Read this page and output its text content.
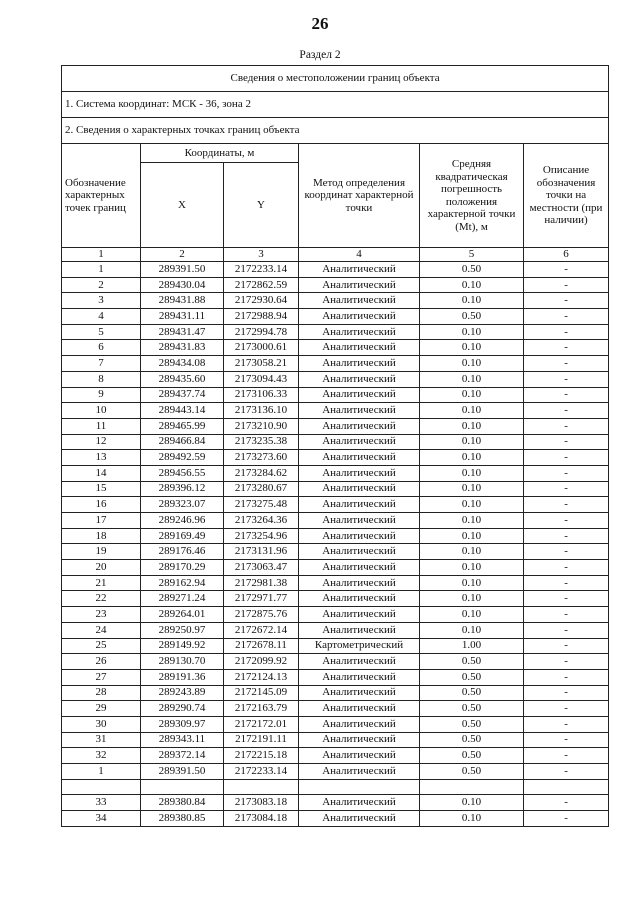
26
Раздел 2
Сведения о местоположении границ объекта					
1. Система координат: МСК - 36, зона 2					
2. Сведения о характерных точках границ объекта					
Обозначение характерных точек границ	Координаты, м		Метод определения координат характерной точки	Средняя квадратическая погрешность положения характерной точки (Mt), м	Описание обозначения точки на местности (при наличии)
	X	Y			
1	2	3	4	5	6
1	289391.50	2172233.14	Аналитический	0.50	-
2	289430.04	2172862.59	Аналитический	0.10	-
3	289431.88	2172930.64	Аналитический	0.10	-
4	289431.11	2172988.94	Аналитический	0.50	-
5	289431.47	2172994.78	Аналитический	0.10	-
6	289431.83	2173000.61	Аналитический	0.10	-
7	289434.08	2173058.21	Аналитический	0.10	-
8	289435.60	2173094.43	Аналитический	0.10	-
9	289437.74	2173106.33	Аналитический	0.10	-
10	289443.14	2173136.10	Аналитический	0.10	-
11	289465.99	2173210.90	Аналитический	0.10	-
12	289466.84	2173235.38	Аналитический	0.10	-
13	289492.59	2173273.60	Аналитический	0.10	-
14	289456.55	2173284.62	Аналитический	0.10	-
15	289396.12	2173280.67	Аналитический	0.10	-
16	289323.07	2173275.48	Аналитический	0.10	-
17	289246.96	2173264.36	Аналитический	0.10	-
18	289169.49	2173254.96	Аналитический	0.10	-
19	289176.46	2173131.96	Аналитический	0.10	-
20	289170.29	2173063.47	Аналитический	0.10	-
21	289162.94	2172981.38	Аналитический	0.10	-
22	289271.24	2172971.77	Аналитический	0.10	-
23	289264.01	2172875.76	Аналитический	0.10	-
24	289250.97	2172672.14	Аналитический	0.10	-
25	289149.92	2172678.11	Картометрический	1.00	-
26	289130.70	2172099.92	Аналитический	0.50	-
27	289191.36	2172124.13	Аналитический	0.50	-
28	289243.89	2172145.09	Аналитический	0.50	-
29	289290.74	2172163.79	Аналитический	0.50	-
30	289309.97	2172172.01	Аналитический	0.50	-
31	289343.11	2172191.11	Аналитический	0.50	-
32	289372.14	2172215.18	Аналитический	0.50	-
1	289391.50	2172233.14	Аналитический	0.50	-

33	289380.84	2173083.18	Аналитический	0.10	-
34	289380.85	2173084.18	Аналитический	0.10	-
